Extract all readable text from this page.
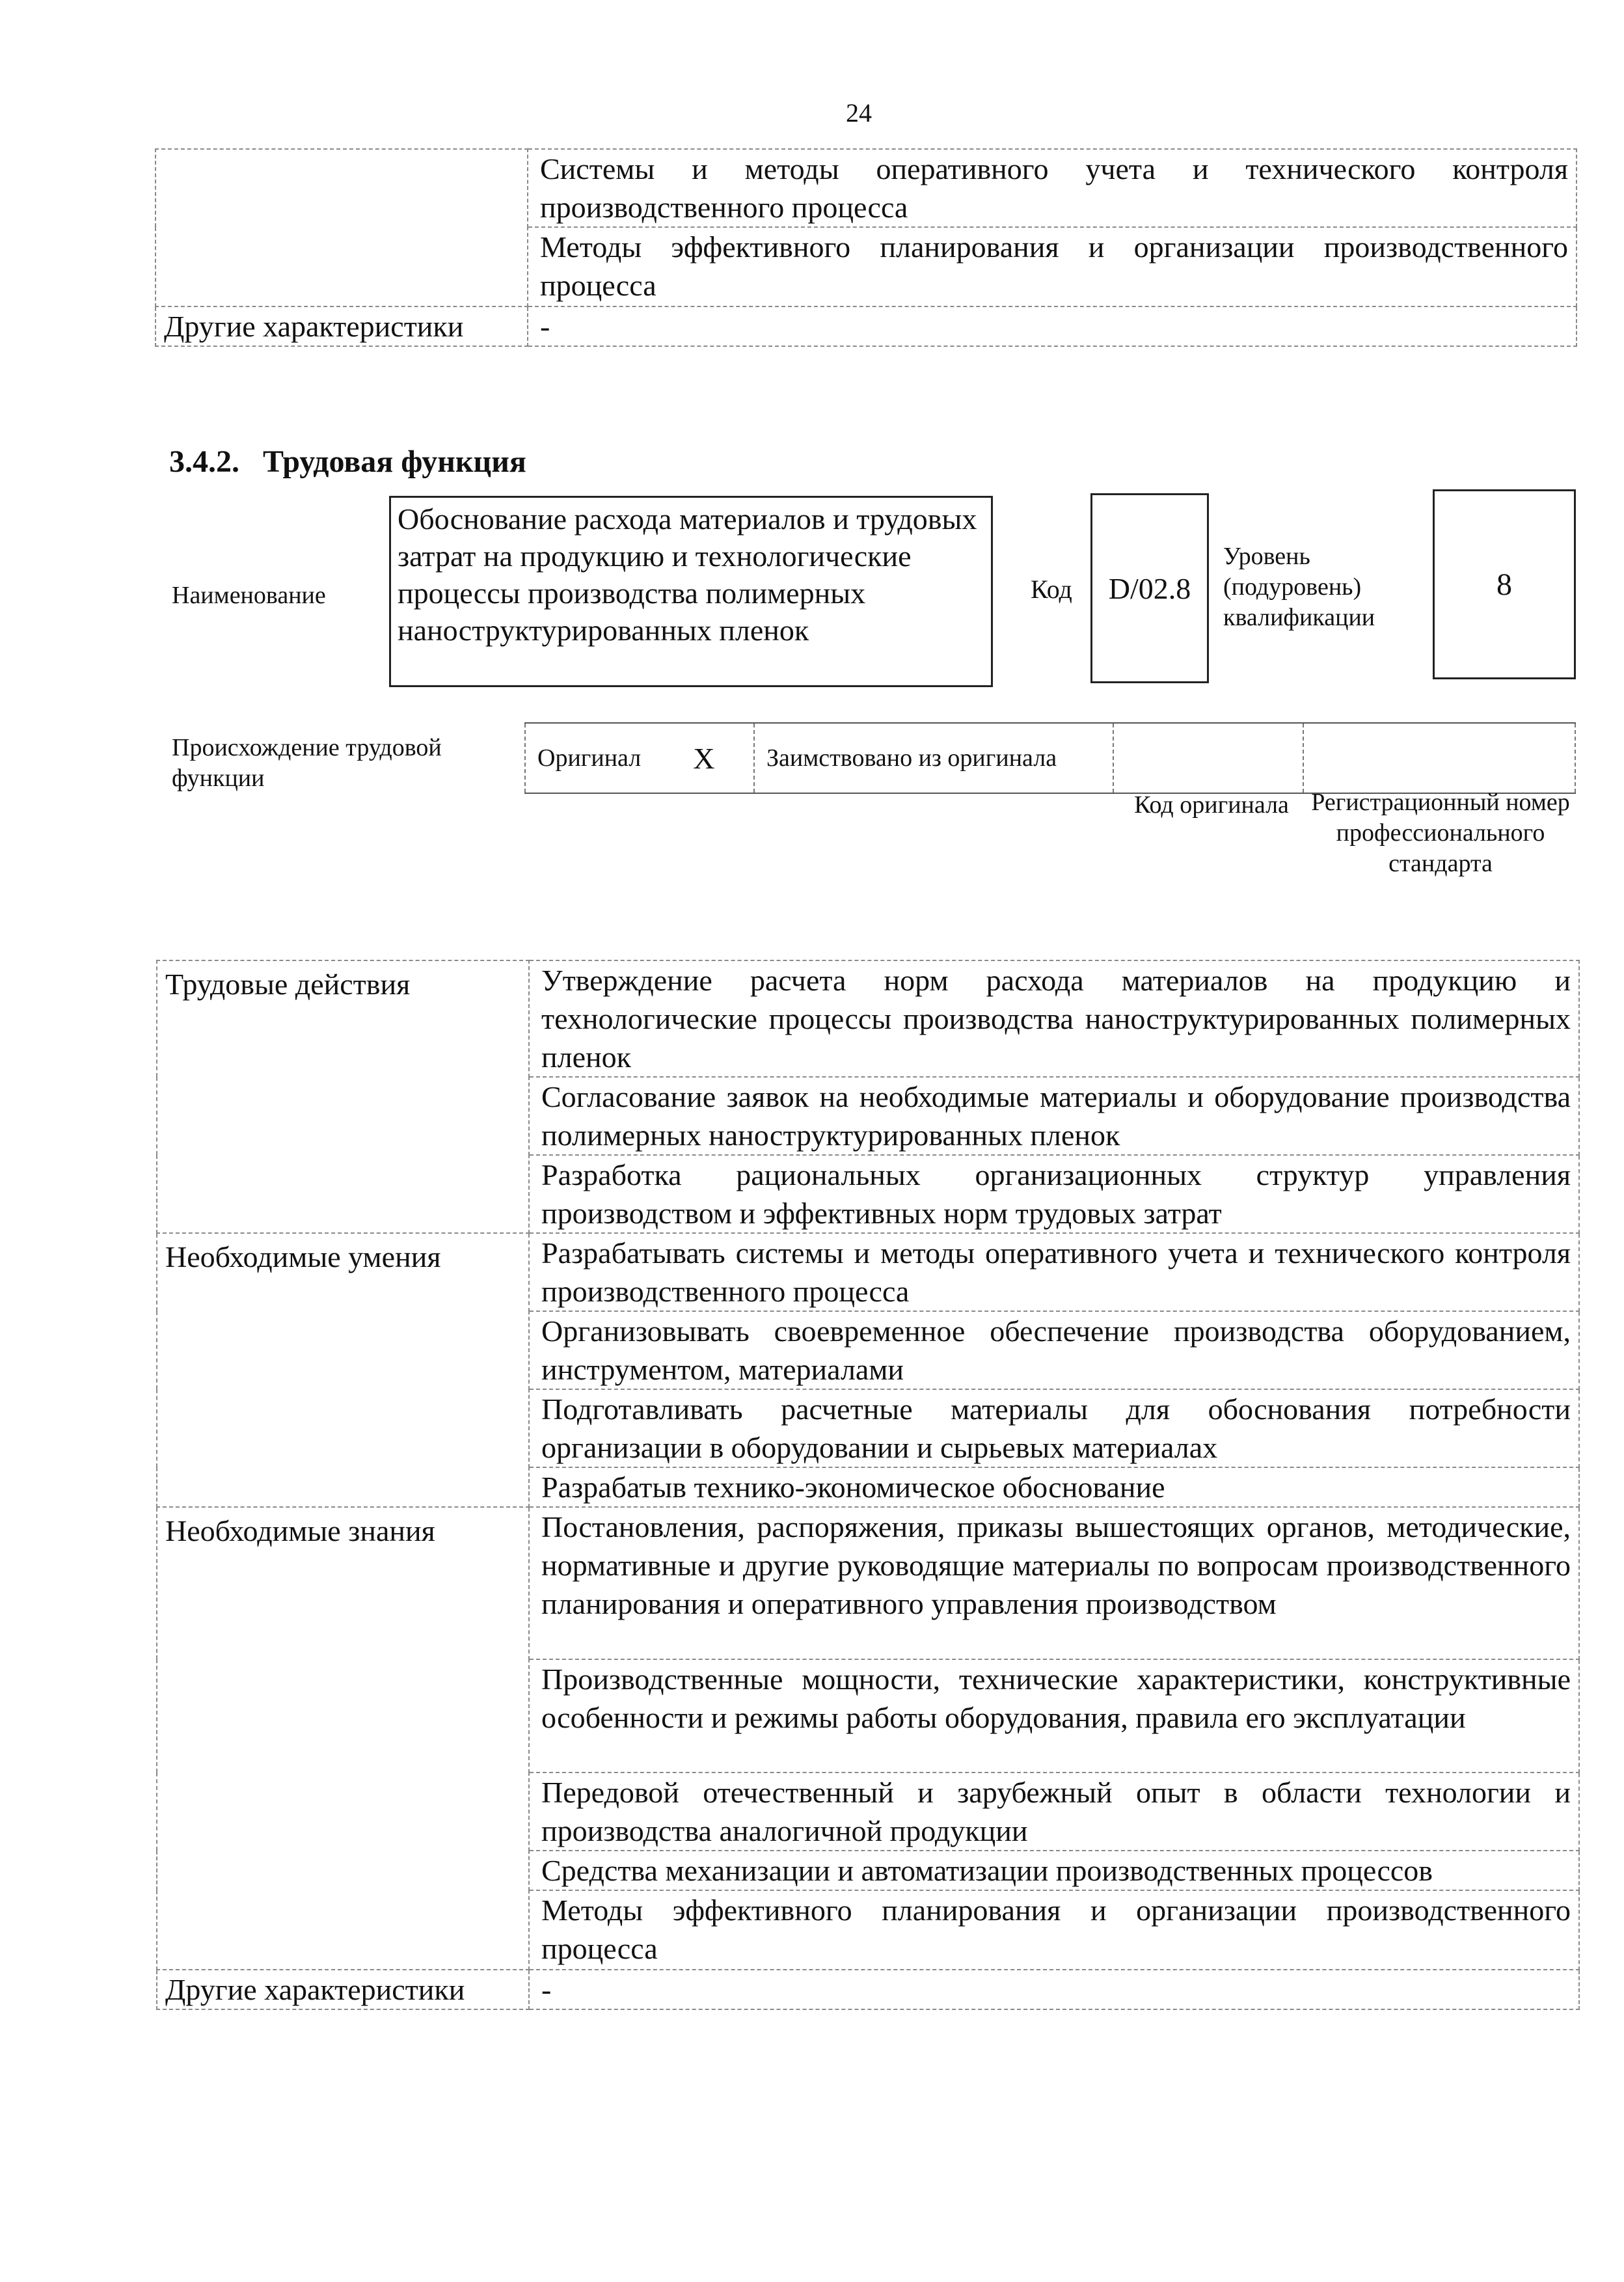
24
	Системы и методы оперативного учета и технического контроля производственного процесса
	Методы эффективного планирования и организации производственного процесса
Другие характеристики	-
3.4.2. Трудовая функция
Наименование
Обоснование расхода материалов и трудовых затрат на продукцию и технологические процессы производства полимерных наноструктурированных пленок
Код	D/02.8
Уровень (подуровень) квалификации
8
Происхождение трудовой функции
Оригинал X Заимствовано из оригинала
Код оригинала Регистрационный номер профессионального стандарта
Трудовые действия	Утверждение расчета норм расхода материалов на продукцию и технологические процессы производства наноструктурированных полимерных пленок
	Согласование заявок на необходимые материалы и оборудование производства полимерных наноструктурированных пленок
	Разработка рациональных организационных структур управления производством и эффективных норм трудовых затрат
Необходимые умения	Разрабатывать системы и методы оперативного учета и технического контроля производственного процесса
	Организовывать своевременное обеспечение производства оборудованием, инструментом, материалами
	Подготавливать расчетные материалы для обоснования потребности организации в оборудовании и сырьевых материалах
	Разрабатыв технико-экономическое обоснование
Необходимые знания	Постановления, распоряжения, приказы вышестоящих органов, методические, нормативные и другие руководящие материалы по вопросам производственного планирования и оперативного управления производством
	Производственные мощности, технические характеристики, конструктивные особенности и режимы работы оборудования, правила его эксплуатации
	Передовой отечественный и зарубежный опыт в области технологии и производства аналогичной продукции
	Средства механизации и автоматизации производственных процессов
	Методы эффективного планирования и организации производственного процесса
Другие характеристики	-
